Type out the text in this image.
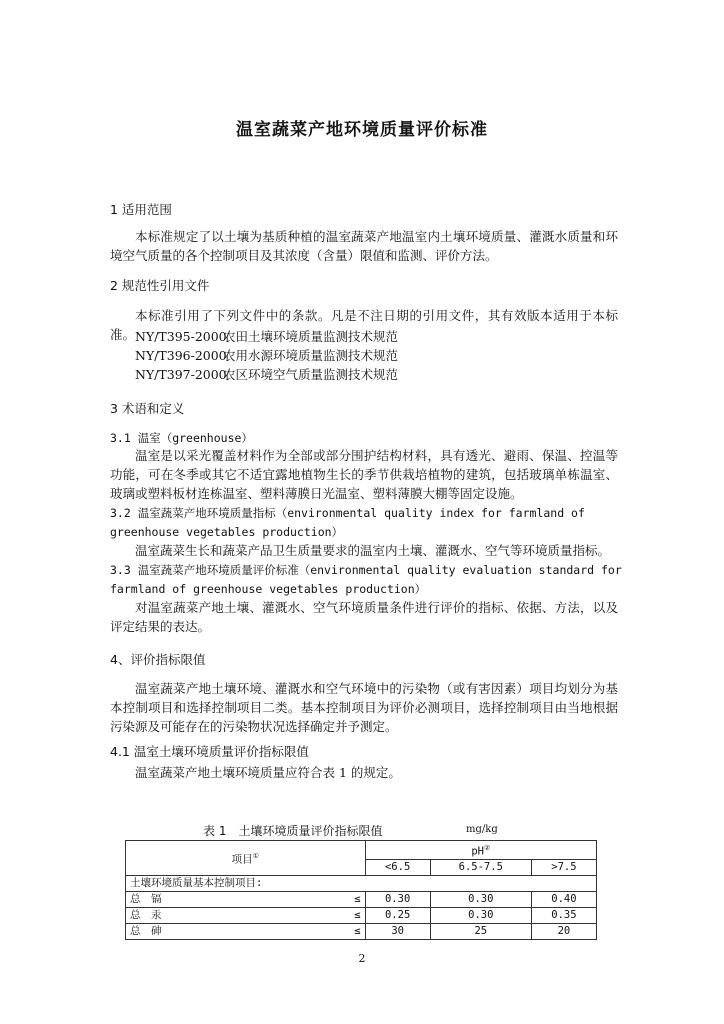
温室蔬菜产地环境质量评价标准
1 适用范围
本标准规定了以土壤为基质种植的温室蔬菜产地温室内土壤环境质量、灌溉水质量和环境空气质量的各个控制项目及其浓度（含量）限值和监测、评价方法。
2 规范性引用文件
本标准引用了下列文件中的条款。凡是不注日期的引用文件，其有效版本适用于本标准。 NY/T395-2000农田土壤环境质量监测技术规范
NY/T396-2000农用水源环境质量监测技术规范
NY/T397-2000农区环境空气质量监测技术规范
3 术语和定义
3.1 温室（greenhouse）
温室是以采光覆盖材料作为全部或部分围护结构材料，具有透光、避雨、保温、控温等功能，可在冬季或其它不适宜露地植物生长的季节供栽培植物的建筑，包括玻璃单栋温室、玻璃或塑料板材连栋温室、塑料薄膜日光温室、塑料薄膜大棚等固定设施。
3.2 温室蔬菜产地环境质量指标（environmental quality index for farmland of
greenhouse vegetables production）
温室蔬菜生长和蔬菜产品卫生质量要求的温室内土壤、灌溉水、空气等环境质量指标。
3.3 温室蔬菜产地环境质量评价标准（environmental quality evaluation standard for
farmland of greenhouse vegetables production）
对温室蔬菜产地土壤、灌溉水、空气环境质量条件进行评价的指标、依据、方法，以及评定结果的表达。
4、评价指标限值
温室蔬菜产地土壤环境、灌溉水和空气环境中的污染物（或有害因素）项目均划分为基本控制项目和选择控制项目二类。基本控制项目为评价必测项目，选择控制项目由当地根据污染源及可能存在的污染物状况选择确定并予测定。
4.1 温室土壤环境质量评价指标限值
温室蔬菜产地土壤环境质量应符合表 1 的规定。
表 1　土壤环境质量评价指标限值	mg/kg
项目①		pH②
		<6.5	6.5-7.5	>7.5
土壤环境质量基本控制项目:				
总　镉	≤	0.30	0.30	0.40
总　汞	≤	0.25	0.30	0.35
总　砷	≤	30	25	20
2
